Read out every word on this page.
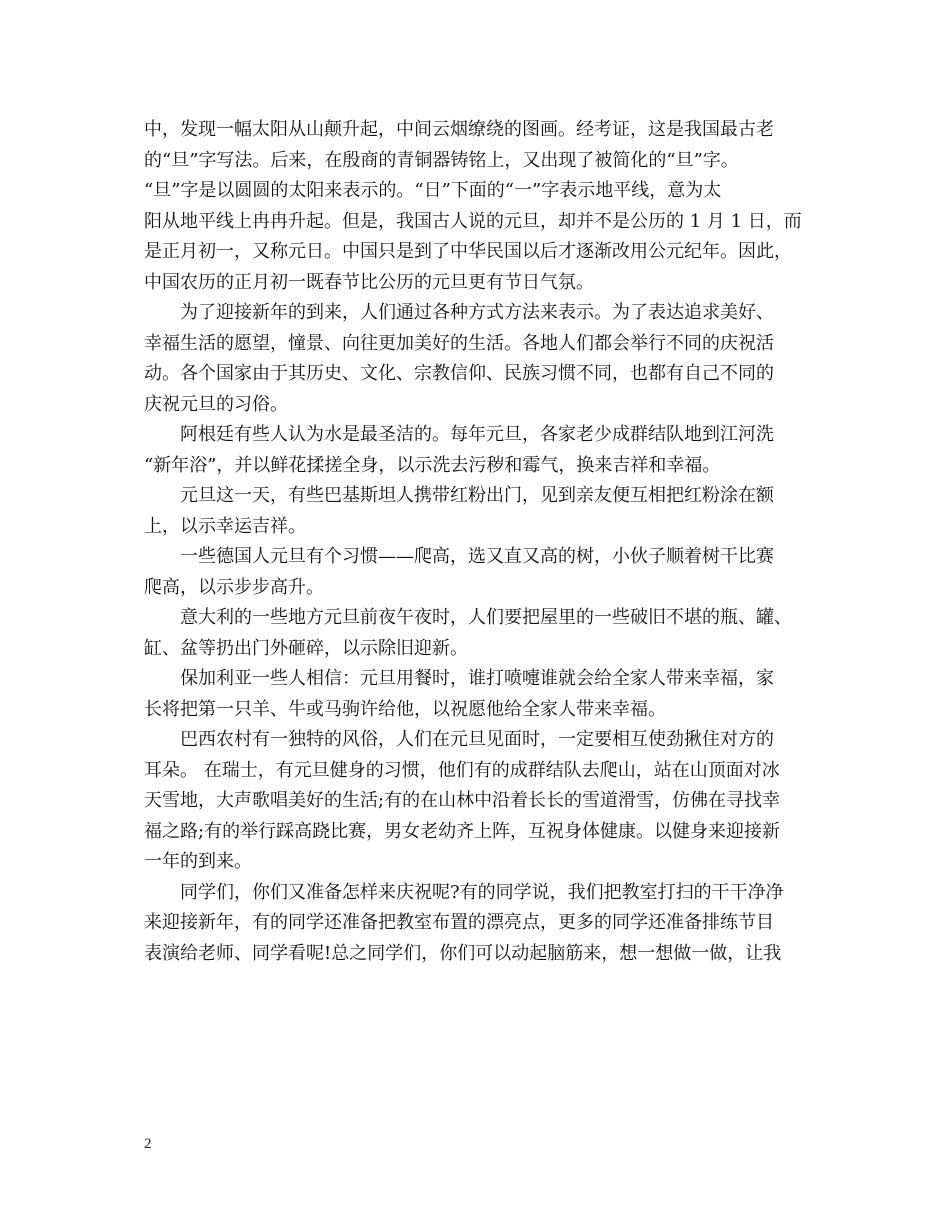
中，发现一幅太阳从山颠升起，中间云烟缭绕的图画。经考证，这是我国最古老
的“旦”字写法。后来，在殷商的青铜器铸铭上，又出现了被简化的“旦”字。
“旦”字是以圆圆的太阳来表示的。“日”下面的“一”字表示地平线，意为太
阳从地平线上冉冉升起。但是，我国古人说的元旦，却并不是公历的 1 月 1 日，而
是正月初一，又称元日。中国只是到了中华民国以后才逐渐改用公元纪年。因此，
中国农历的正月初一既春节比公历的元旦更有节日气氛。
为了迎接新年的到来，人们通过各种方式方法来表示。为了表达追求美好、
幸福生活的愿望，憧景、向往更加美好的生活。各地人们都会举行不同的庆祝活
动。各个国家由于其历史、文化、宗教信仰、民族习惯不同，也都有自己不同的
庆祝元旦的习俗。
阿根廷有些人认为水是最圣洁的。每年元旦，各家老少成群结队地到江河洗
“新年浴”，并以鲜花揉搓全身，以示洗去污秽和霉气，换来吉祥和幸福。
元旦这一天，有些巴基斯坦人携带红粉出门，见到亲友便互相把红粉涂在额
上，以示幸运吉祥。
一些德国人元旦有个习惯——爬高，选又直又高的树，小伙子顺着树干比赛
爬高，以示步步高升。
意大利的一些地方元旦前夜午夜时，人们要把屋里的一些破旧不堪的瓶、罐、
缸、盆等扔出门外砸碎，以示除旧迎新。
保加利亚一些人相信：元旦用餐时，谁打喷嚏谁就会给全家人带来幸福，家
长将把第一只羊、牛或马驹许给他，以祝愿他给全家人带来幸福。
巴西农村有一独特的风俗，人们在元旦见面时，一定要相互使劲揪住对方的
耳朵。 在瑞士，有元旦健身的习惯，他们有的成群结队去爬山，站在山顶面对冰
天雪地，大声歌唱美好的生活;有的在山林中沿着长长的雪道滑雪，仿佛在寻找幸
福之路;有的举行踩高跷比赛，男女老幼齐上阵，互祝身体健康。以健身来迎接新
一年的到来。
同学们，你们又准备怎样来庆祝呢?有的同学说，我们把教室打扫的干干净净
来迎接新年，有的同学还准备把教室布置的漂亮点，更多的同学还准备排练节目
表演给老师、同学看呢!总之同学们，你们可以动起脑筋来，想一想做一做，让我
2
